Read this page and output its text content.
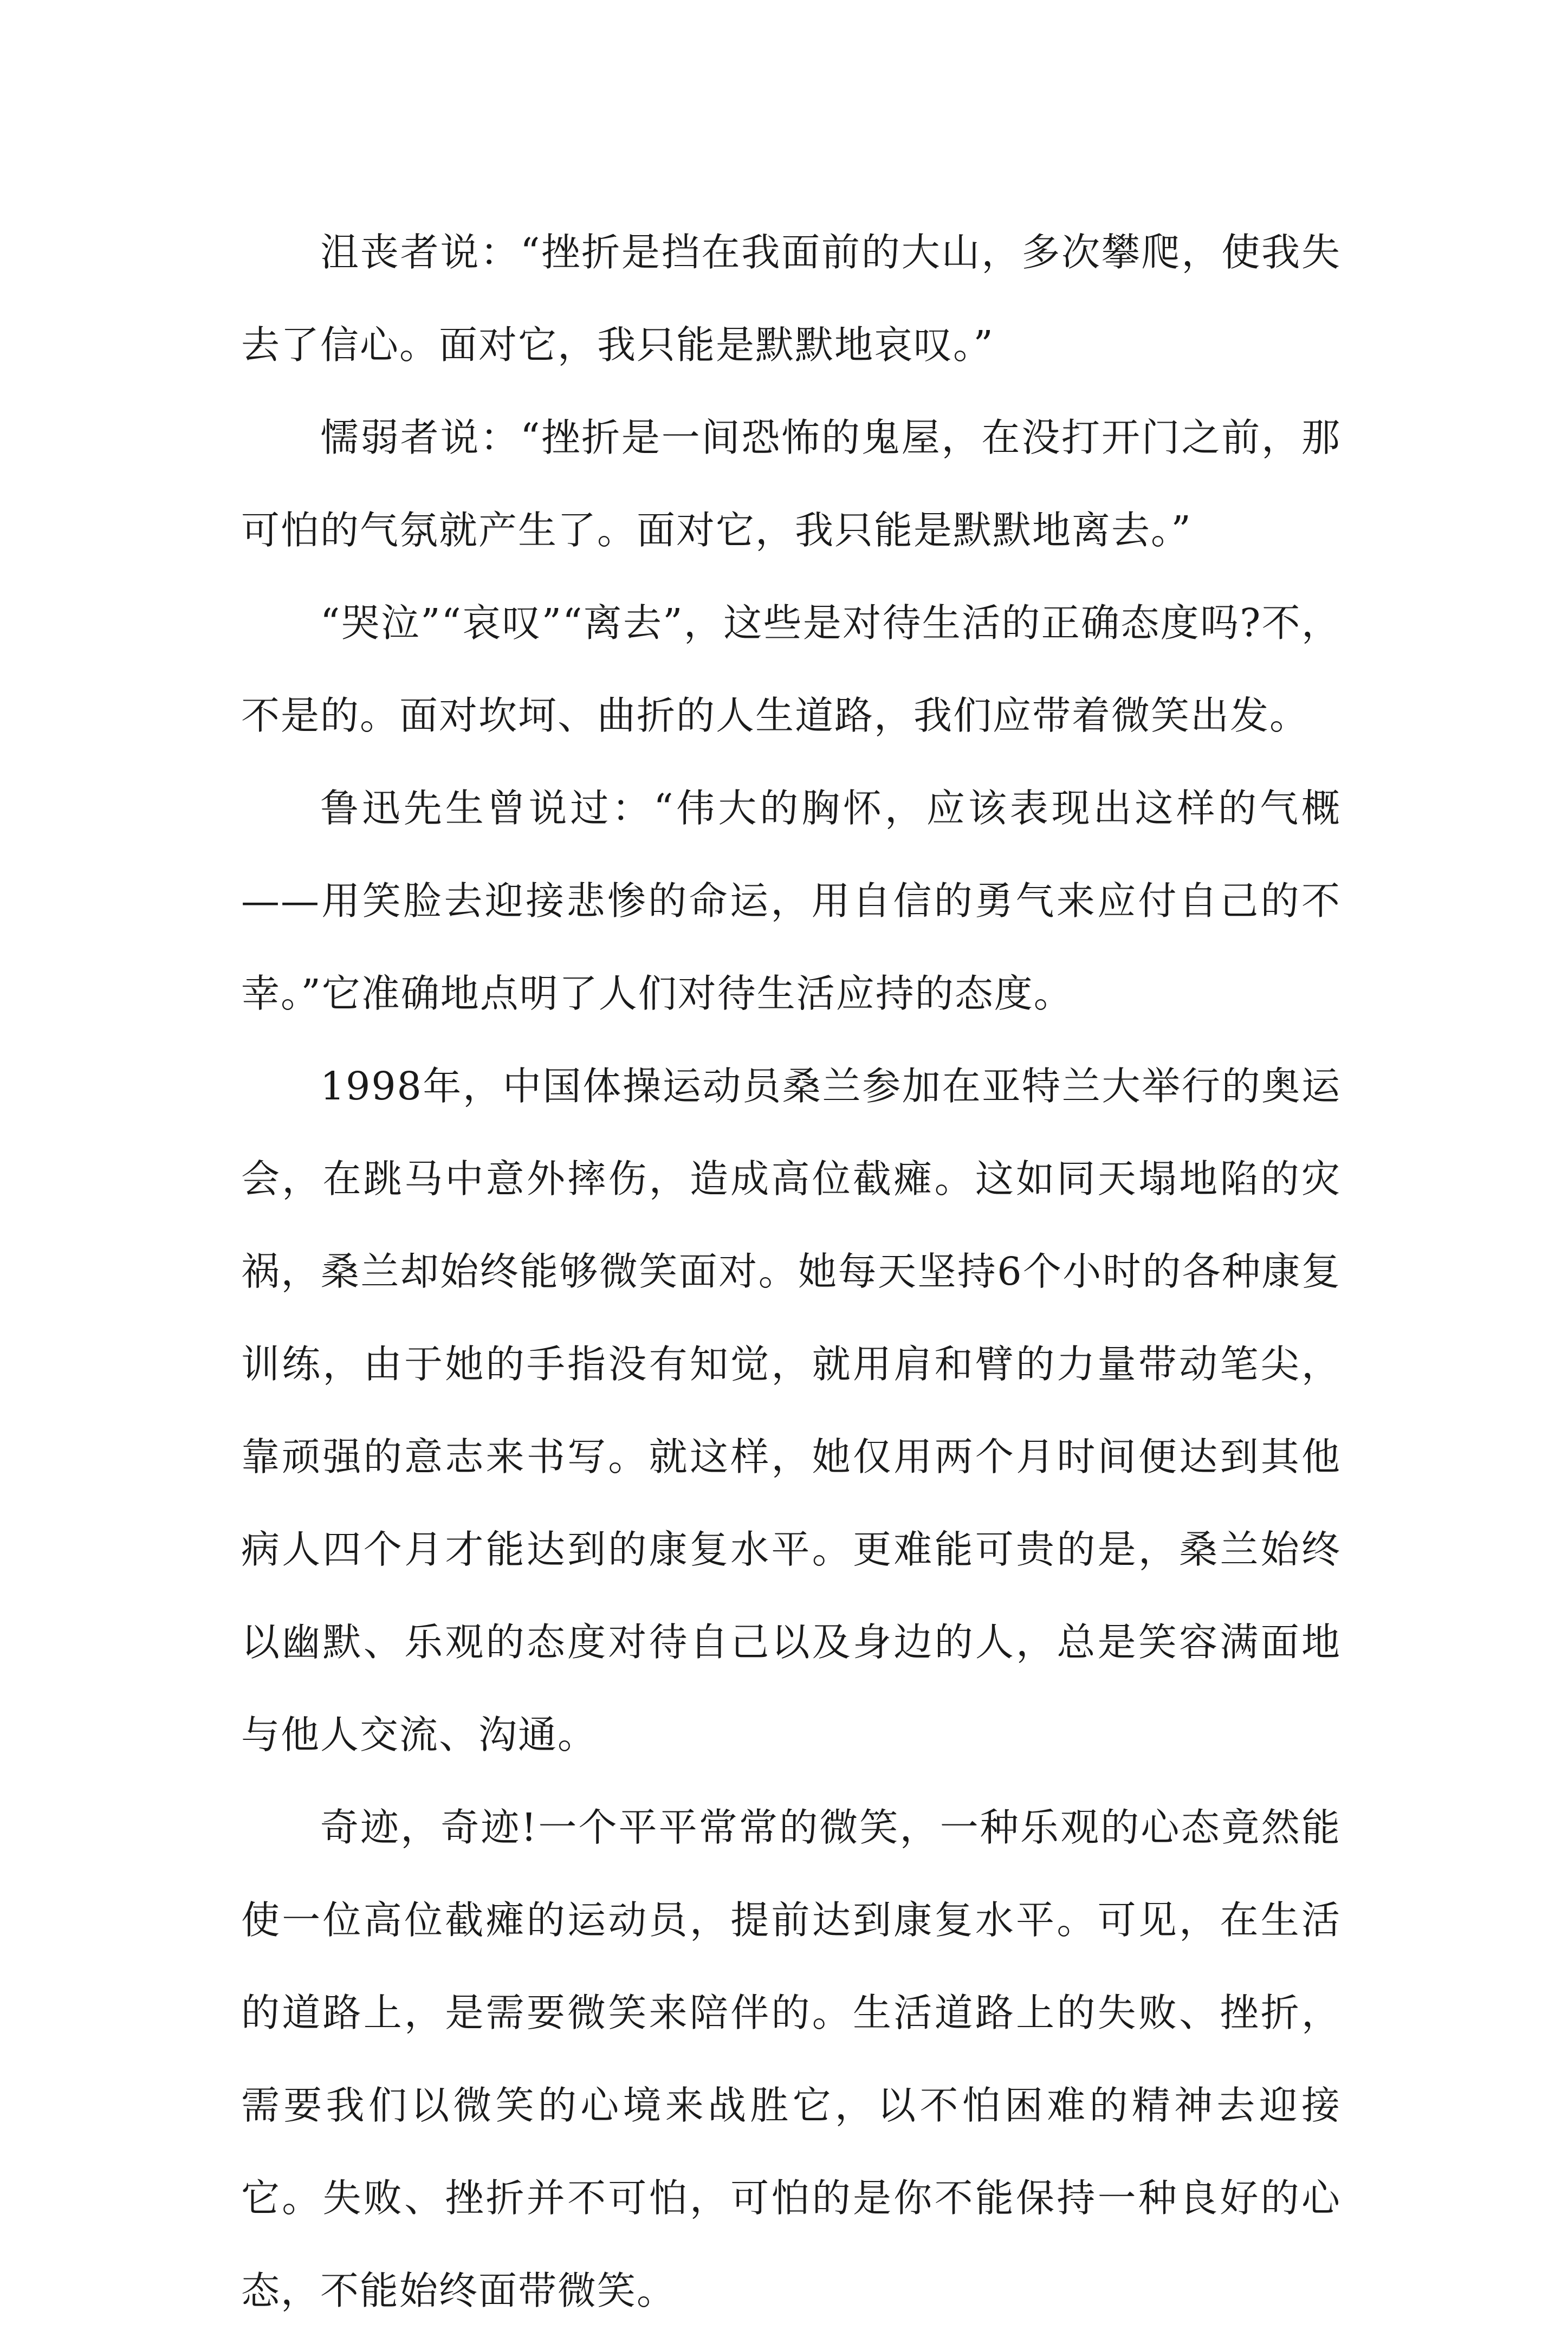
沮丧者说：“挫折是挡在我面前的大山，多次攀爬，使我失去了信心。面对它，我只能是默默地哀叹。”

懦弱者说：“挫折是一间恐怖的鬼屋，在没打开门之前，那可怕的气氛就产生了。面对它，我只能是默默地离去。”

“哭泣”“哀叹”“离去”，这些是对待生活的正确态度吗?不，不是的。面对坎坷、曲折的人生道路，我们应带着微笑出发。

鲁迅先生曾说过：“伟大的胸怀，应该表现出这样的气概——用笑脸去迎接悲惨的命运，用自信的勇气来应付自己的不幸。”它准确地点明了人们对待生活应持的态度。

1998年，中国体操运动员桑兰参加在亚特兰大举行的奥运会，在跳马中意外摔伤，造成高位截瘫。这如同天塌地陷的灾祸，桑兰却始终能够微笑面对。她每天坚持6个小时的各种康复训练，由于她的手指没有知觉，就用肩和臂的力量带动笔尖，靠顽强的意志来书写。就这样，她仅用两个月时间便达到其他病人四个月才能达到的康复水平。更难能可贵的是，桑兰始终以幽默、乐观的态度对待自己以及身边的人，总是笑容满面地与他人交流、沟通。

奇迹，奇迹!一个平平常常的微笑，一种乐观的心态竟然能使一位高位截瘫的运动员，提前达到康复水平。可见，在生活的道路上，是需要微笑来陪伴的。生活道路上的失败、挫折，需要我们以微笑的心境来战胜它，以不怕困难的精神去迎接它。失败、挫折并不可怕，可怕的是你不能保持一种良好的心态，不能始终面带微笑。
